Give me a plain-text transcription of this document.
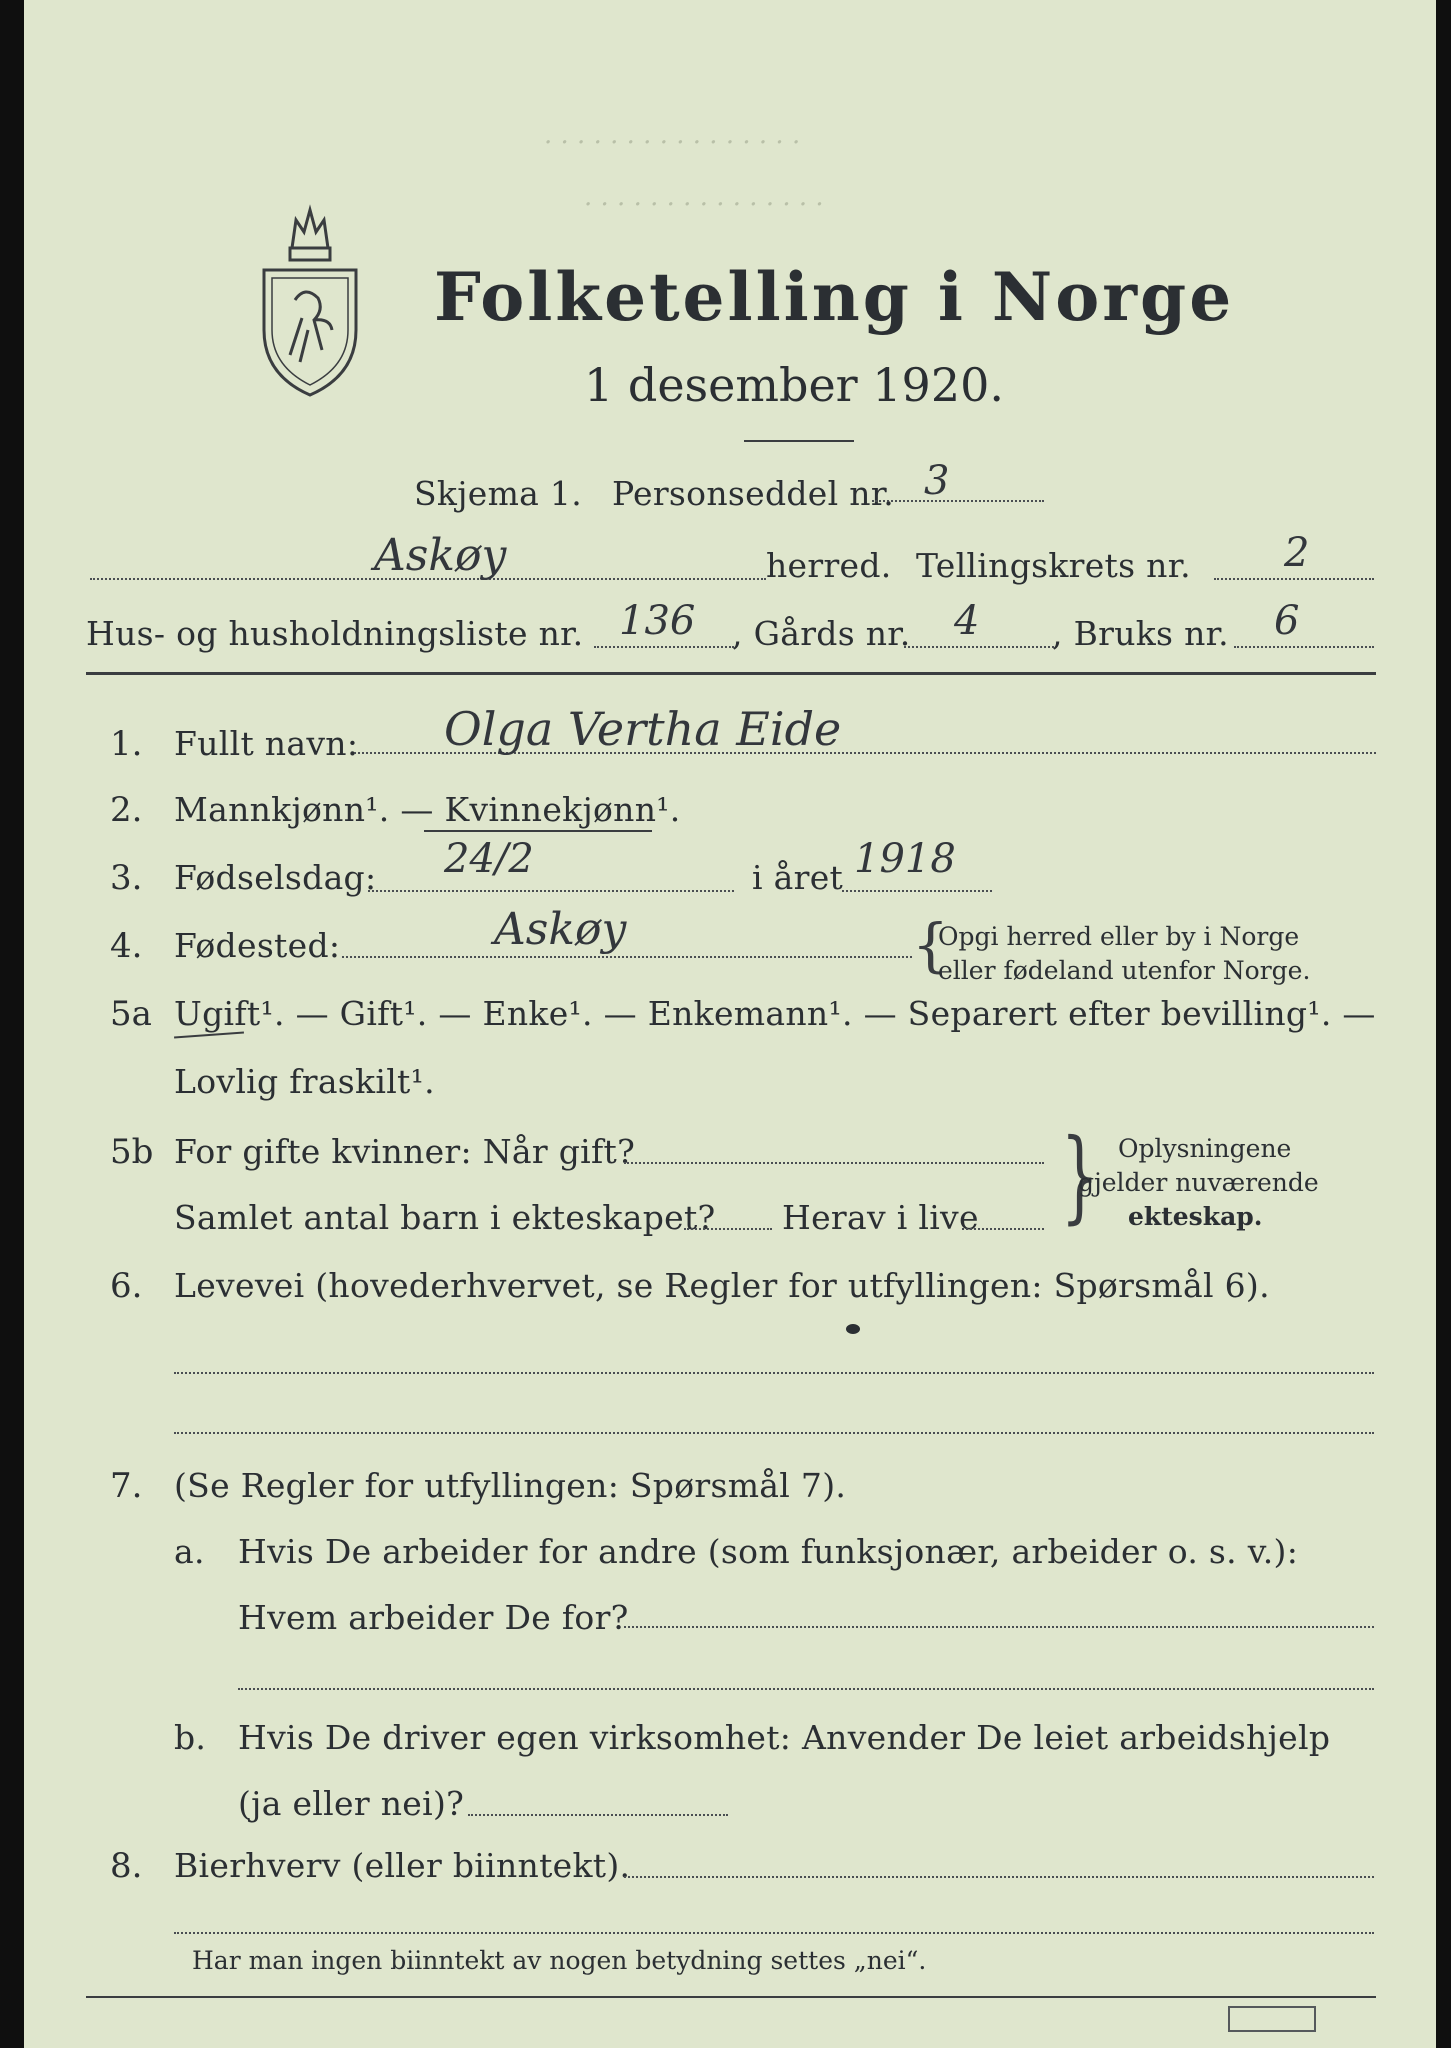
· · · · · · · · · · · · · · · ·
· · · · · · · · · · · · · · ·
Folketelling i Norge
1 desember 1920.
Skjema 1. Personseddel nr. 3
Askøy	herred. Tellingskrets nr. 2
Hus- og husholdningsliste nr. 136 , Gårds nr. 4 , Bruks nr. 6
1. Fullt navn: Olga Vertha Eide
2. Mannkjønn¹. — Kvinnekjønn¹.
3. Fødselsdag: 24/2	i året 1918
4. Fødested:	Askøy	{
Opgi herred eller by i Norge
eller fødeland utenfor Norge.
5a Ugift¹. — Gift¹. — Enke¹. — Enkemann¹. — Separert efter bevilling¹. —
Lovlig fraskilt¹.
5b For gifte kvinner: Når gift?
Samlet antal barn i ekteskapet? Herav i live } Oplysningene
gjelder nuværende
ekteskap.
6. Levevei (hovederhvervet, se Regler for utfyllingen: Spørsmål 6).
7. (Se Regler for utfyllingen: Spørsmål 7).
a. Hvis De arbeider for andre (som funksjonær, arbeider o. s. v.):
Hvem arbeider De for?
b. Hvis De driver egen virksomhet: Anvender De leiet arbeidshjelp
(ja eller nei)?
8. Bierhverv (eller biinntekt).
Har man ingen biinntekt av nogen betydning settes „nei“.
